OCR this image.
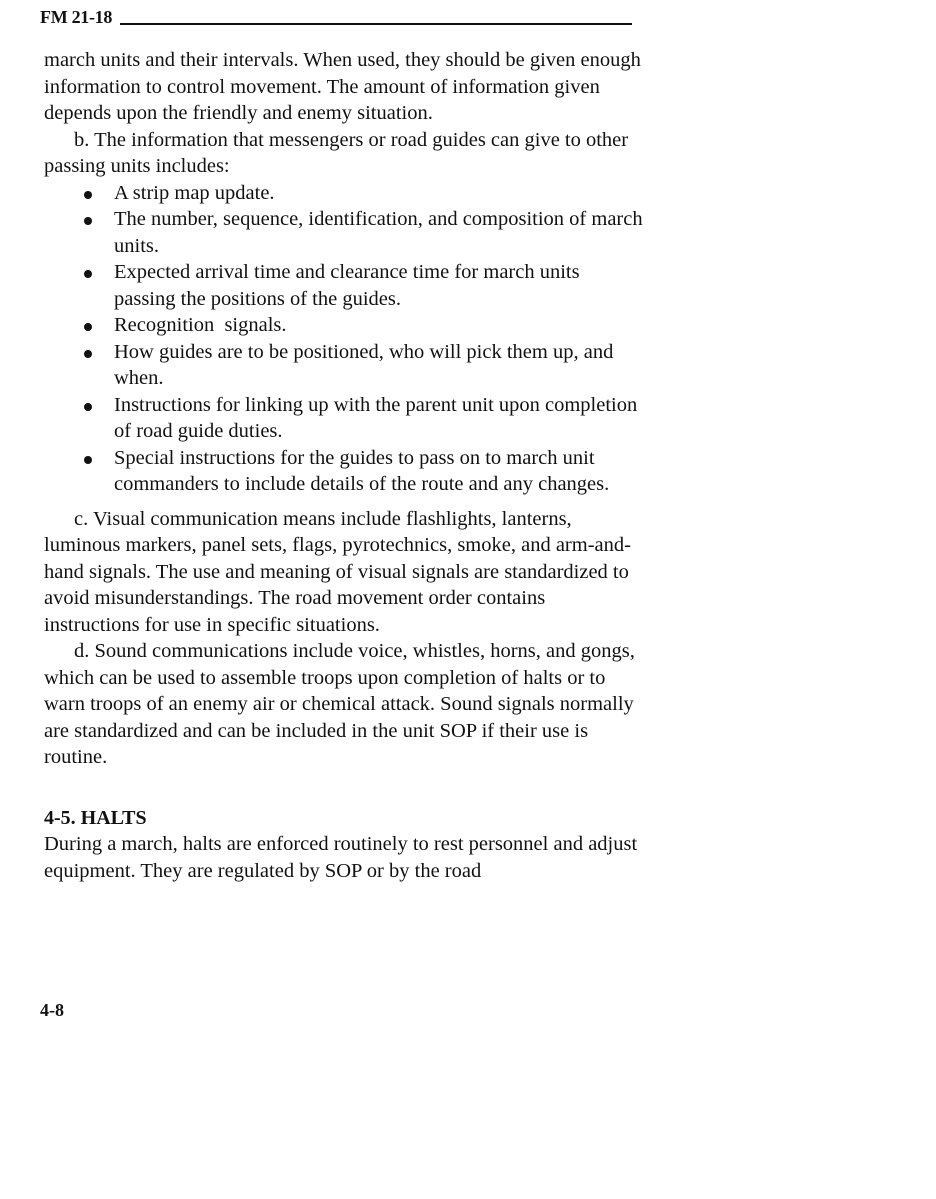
FM 21-18

march units and their intervals. When used, they should be given enough information to control movement. The amount of information given depends upon the friendly and enemy situation.

b. The information that messengers or road guides can give to other passing units includes:

A strip map update.
The number, sequence, identification, and composition of march units.
Expected arrival time and clearance time for march units passing the positions of the guides.
Recognition  signals.
How guides are to be positioned, who will pick them up, and when.
Instructions for linking up with the parent unit upon completion of road guide duties.
Special instructions for the guides to pass on to march unit commanders to include details of the route and any changes.

c. Visual communication means include flashlights, lanterns, luminous markers, panel sets, flags, pyrotechnics, smoke, and arm-and-hand signals. The use and meaning of visual signals are standardized to avoid misunderstandings. The road movement order contains instructions for use in specific situations.

d. Sound communications include voice, whistles, horns, and gongs, which can be used to assemble troops upon completion of halts or to warn troops of an enemy air or chemical attack. Sound signals normally are standardized and can be included in the unit SOP if their use is routine.

4-5. HALTS

During a march, halts are enforced routinely to rest personnel and adjust equipment. They are regulated by SOP or by the road

4-8
